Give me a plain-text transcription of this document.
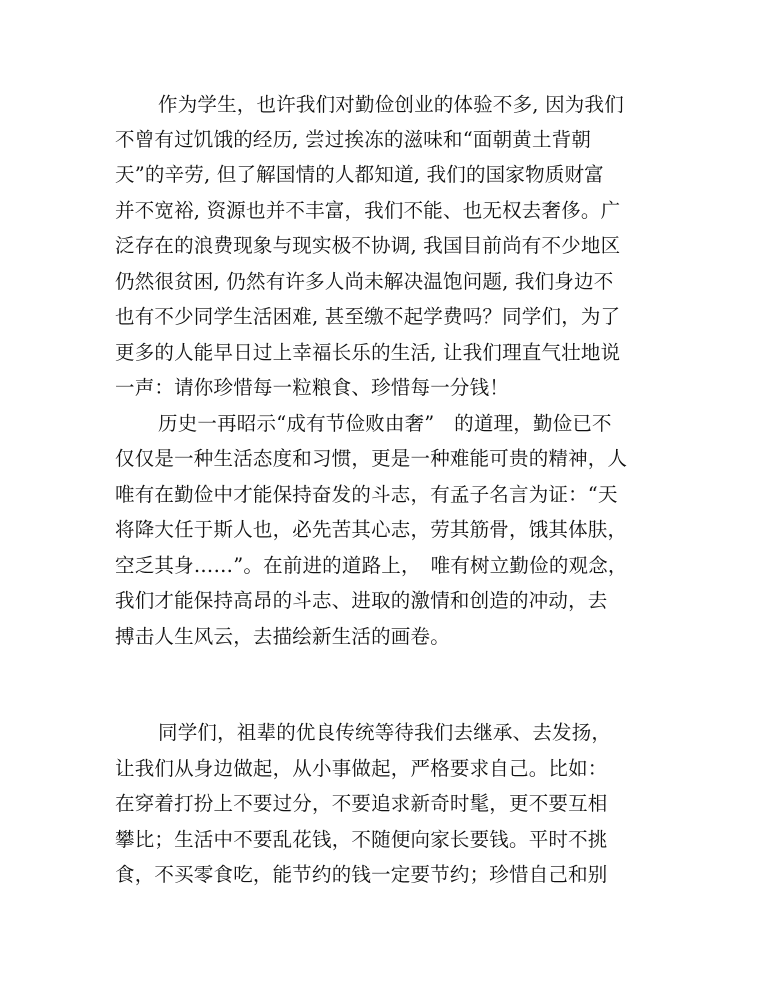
作为学生，也许我们对勤俭创业的体验不多, 因为我们
不曾有过饥饿的经历, 尝过挨冻的滋味和“面朝黄土背朝
天”的辛劳, 但了解国情的人都知道, 我们的国家物质财富
并不宽裕, 资源也并不丰富，我们不能、也无权去奢侈。广
泛存在的浪费现象与现实极不协调, 我国目前尚有不少地区
仍然很贫困, 仍然有许多人尚未解决温饱问题, 我们身边不
也有不少同学生活困难, 甚至缴不起学费吗？同学们，为了
更多的人能早日过上幸福长乐的生活, 让我们理直气壮地说
一声：请你珍惜每一粒粮食、珍惜每一分钱！
历史一再昭示“成有节俭败由奢”　的道理，勤俭已不
仅仅是一种生活态度和习惯，更是一种难能可贵的精神，人
唯有在勤俭中才能保持奋发的斗志，有孟子名言为证：“天
将降大任于斯人也，必先苦其心志，劳其筋骨，饿其体肤，
空乏其身……”。在前进的道路上，　唯有树立勤俭的观念，
我们才能保持高昂的斗志、进取的激情和创造的冲动，去
搏击人生风云，去描绘新生活的画卷。
同学们，祖辈的优良传统等待我们去继承、去发扬，
让我们从身边做起，从小事做起，严格要求自己。比如：
在穿着打扮上不要过分，不要追求新奇时髦，更不要互相
攀比；生活中不要乱花钱，不随便向家长要钱。平时不挑
食，不买零食吃，能节约的钱一定要节约；珍惜自己和别
